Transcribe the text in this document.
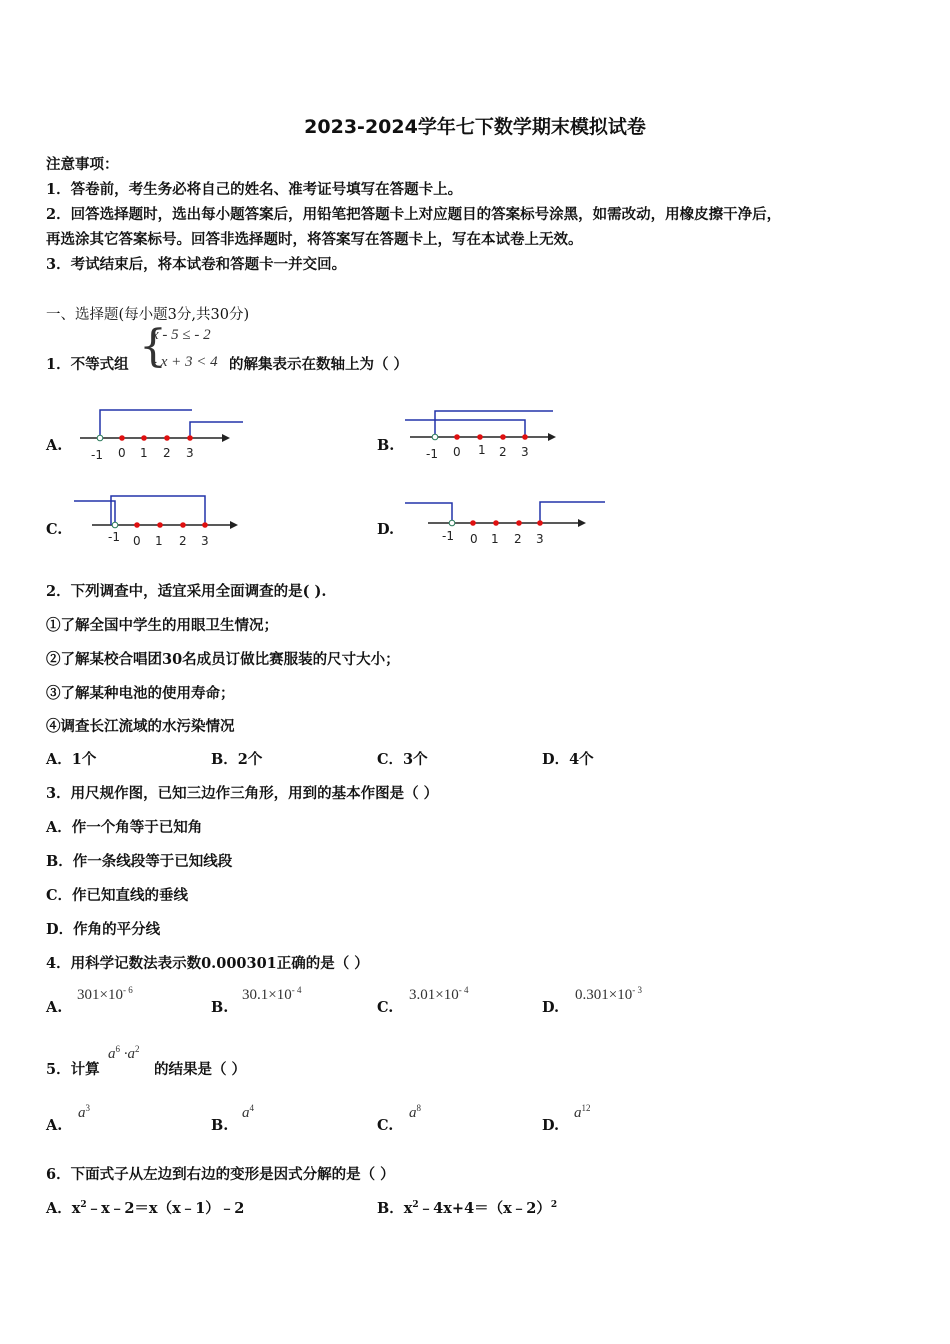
2023-2024学年七下数学期末模拟试卷
注意事项：
1．答卷前，考生务必将自己的姓名、准考证号填写在答题卡上。
2．回答选择题时，选出每小题答案后，用铅笔把答题卡上对应题目的答案标号涂黑，如需改动，用橡皮擦干净后，
再选涂其它答案标号。回答非选择题时，将答案写在答题卡上，写在本试卷上无效。
3．考试结束后，将本试卷和答题卡一并交回。
一、选择题(每小题3分,共30分)
1．不等式组 {
x - 5 ≤ - 2
- x + 3 < 4 的解集表示在数轴上为（ ）
A.
-1 0 1 2 3	B.	-1 0 1 2 3
C.	-1 0 1 2 3
D.	-1 0 1 2 3
2．下列调查中，适宜采用全面调查的是( ).
①了解全国中学生的用眼卫生情况；
②了解某校合唱团30名成员订做比赛服装的尺寸大小；
③了解某种电池的使用寿命；
④调查长江流域的水污染情况
A．1个	B．2个	C．3个	D．4个
3．用尺规作图，已知三边作三角形，用到的基本作图是（ ）
A．作一个角等于已知角
B．作一条线段等于已知线段
C．作已知直线的垂线
D．作角的平分线
4．用科学记数法表示数0.000301正确的是（ ）
A.
$301\times 10^{- 6}$
B.
$30.1\times 10^{- 4}$
C.
$3.01\times 10^{- 4}$
D.
$0.301\times 10^{- 3}$
5．计算
$a^6 \cdot a^2$
的结果是（ ）
A.
$a^3$
B.
$a^4$
C.
$a^8$
D.
$a^{12}$
6．下面式子从左边到右边的变形是因式分解的是（ ）
A．$x^2﹣x﹣2=x(x﹣1)﹣2$	B．$x^2﹣4x+4=(x﹣2)^2$
